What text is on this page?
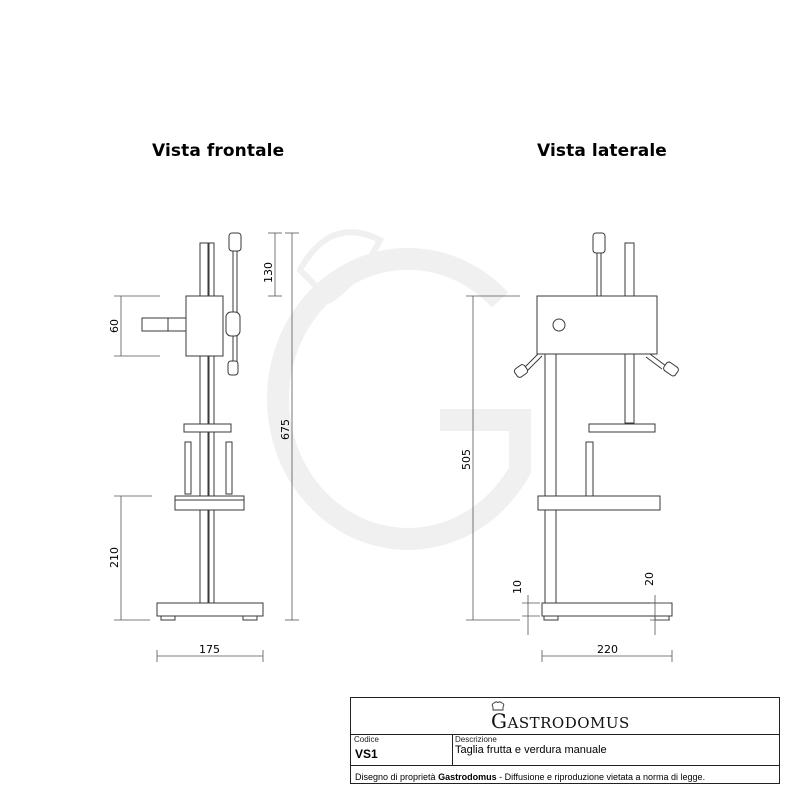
Vista frontale	Vista laterale
130
675
60
210
175
505
10
20
220
GASTRODOMUS
Codice
VS1
Descrizione
Taglia frutta e verdura manuale
Disegno di proprietà Gastrodomus - Diffusione e riproduzione vietata a norma di legge.
